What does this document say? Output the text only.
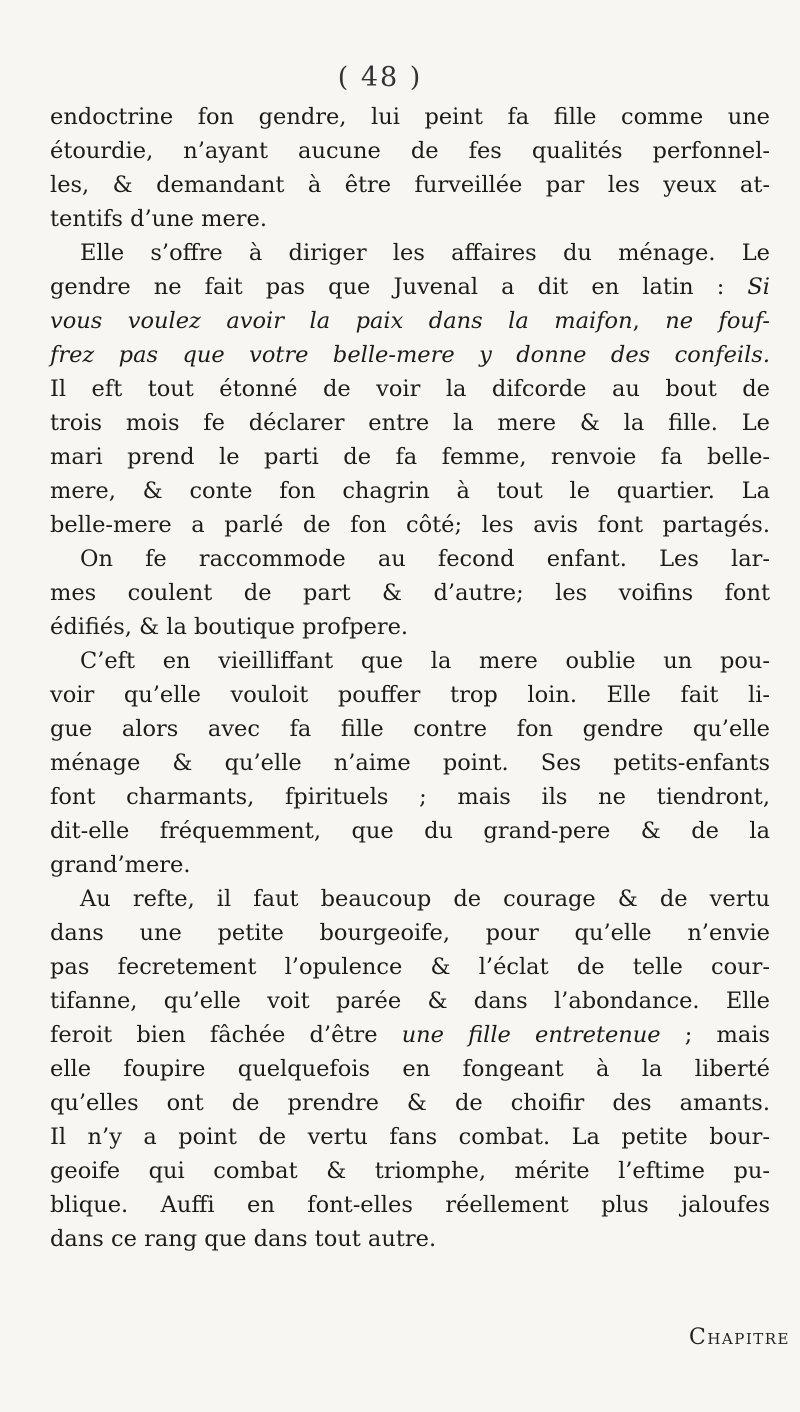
( 48 )
endoctrine fon gendre, lui peint fa fille comme une
étourdie, n’ayant aucune de fes qualités perfonnel-
les, & demandant à être furveillée par les yeux at-
tentifs d’une mere.
Elle s’offre à diriger les affaires du ménage. Le
gendre ne fait pas que Juvenal a dit en latin : Si
vous voulez avoir la paix dans la maifon, ne fouf-
frez pas que votre belle-mere y donne des confeils.
Il eft tout étonné de voir la difcorde au bout de
trois mois fe déclarer entre la mere & la fille. Le
mari prend le parti de fa femme, renvoie fa belle-
mere, & conte fon chagrin à tout le quartier. La
belle-mere a parlé de fon côté; les avis font partagés.
On fe raccommode au fecond enfant. Les lar-
mes coulent de part & d’autre; les voifins font
édifiés, & la boutique profpere.
C’eft en vieilliffant que la mere oublie un pou-
voir qu’elle vouloit pouffer trop loin. Elle fait li-
gue alors avec fa fille contre fon gendre qu’elle
ménage & qu’elle n’aime point. Ses petits-enfants
font charmants, fpirituels ; mais ils ne tiendront,
dit-elle fréquemment, que du grand-pere & de la
grand’mere.
Au refte, il faut beaucoup de courage & de vertu
dans une petite bourgeoife, pour qu’elle n’envie
pas fecretement l’opulence & l’éclat de telle cour-
tifanne, qu’elle voit parée & dans l’abondance. Elle
feroit bien fâchée d’être une fille entretenue ; mais
elle foupire quelquefois en fongeant à la liberté
qu’elles ont de prendre & de choifir des amants.
Il n’y a point de vertu fans combat. La petite bour-
geoife qui combat & triomphe, mérite l’eftime pu-
blique. Auffi en font-elles réellement plus jaloufes
dans ce rang que dans tout autre.
Chapitre
